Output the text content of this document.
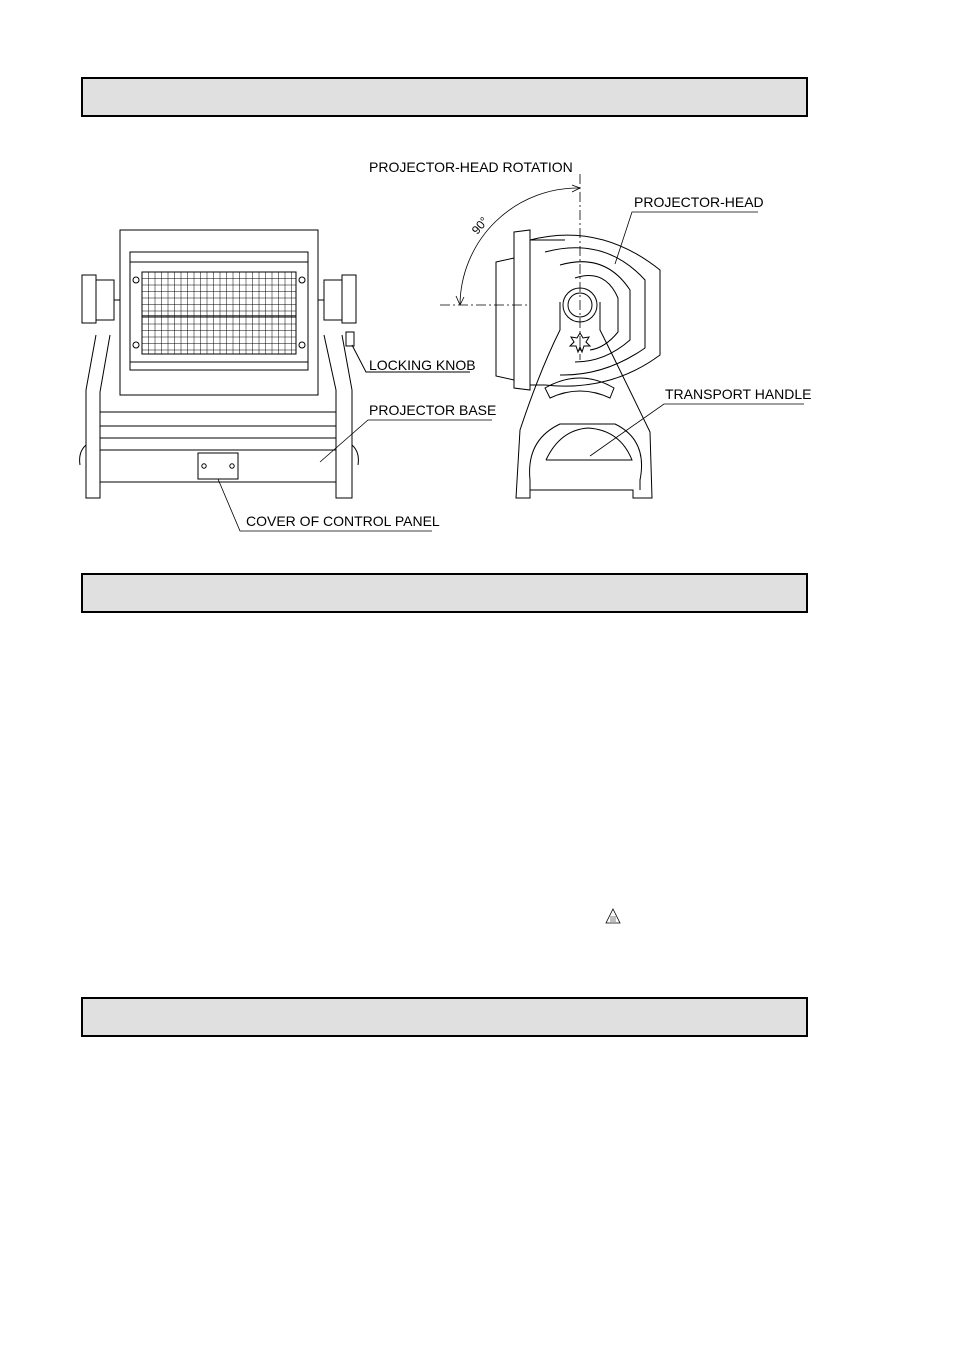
PROJECTOR-HEAD ROTATION
PROJECTOR-HEAD
LOCKING KNOB
PROJECTOR BASE
TRANSPORT HANDLE
COVER OF CONTROL PANEL
90°
